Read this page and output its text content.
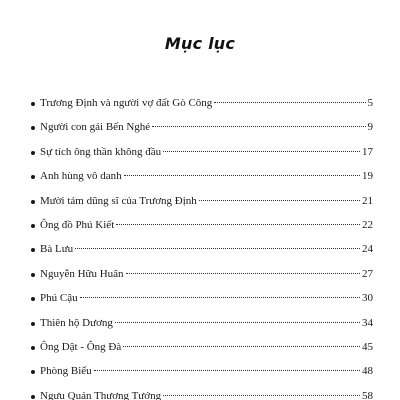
Mục lục
Trương Định và người vợ đất Gò Công	5
Người con gái Bến Nghé	9
Sự tích ông thần không đầu	17
Anh hùng vô danh	19
Mười tám dũng sĩ của Trương Định	21
Ông đồ Phú Kiết	22
Bà Lưu	24
Nguyễn Hữu Huân	27
Phú Cậu	30
Thiên hộ Dương	34
Ông Dật - Ông Đà	45
Phòng Biểu	48
Ngưu Quản Thương Tướng	58
